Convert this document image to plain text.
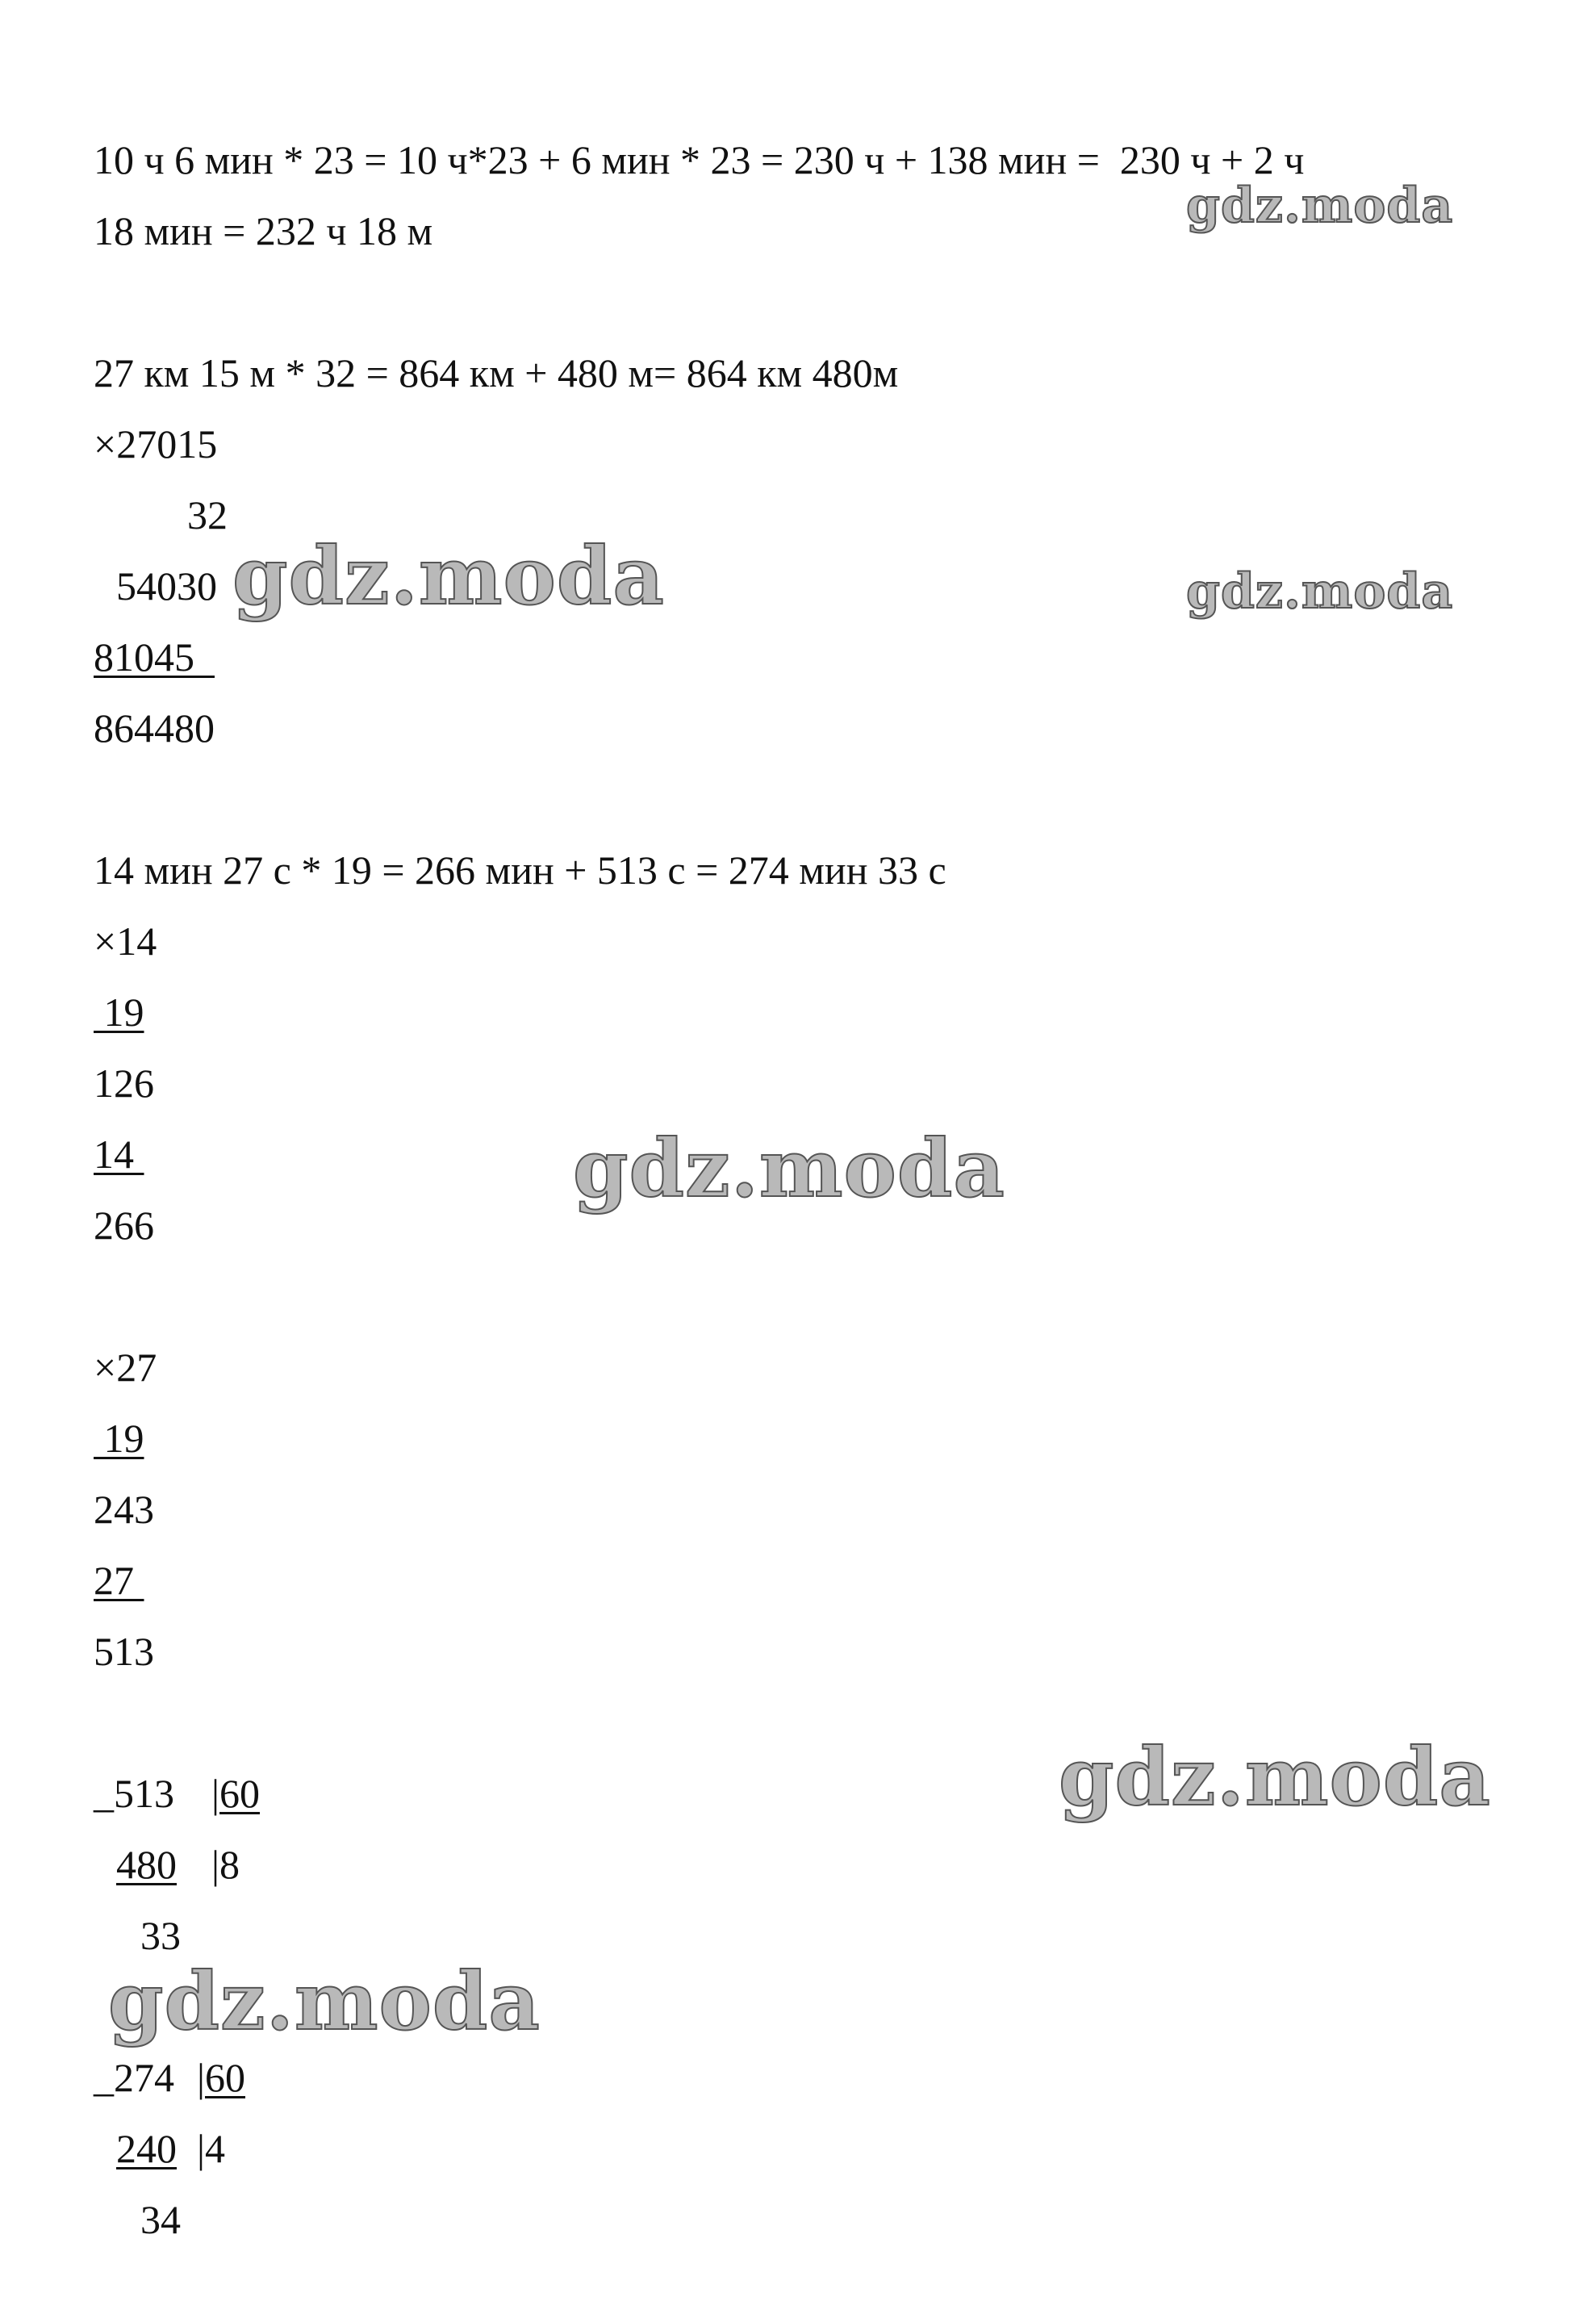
10 ч 6 мин * 23 = 10 ч*23 + 6 мин * 23 = 230 ч + 138 мин =  230 ч + 2 ч
18 мин = 232 ч 18 м
27 км 15 м * 32 = 864 км + 480 м= 864 км 480м
×27015
32
54030
81045
864480
14 мин 27 с * 19 = 266 мин + 513 с = 274 мин 33 с
×14
19
126
14
266
×27
19
243
27
513
_513 |60
480 |8
33
_274 |60
240 |4
34
gdz.moda
gdz.moda	gdz.moda
gdz.moda
gdz.moda
gdz.moda
